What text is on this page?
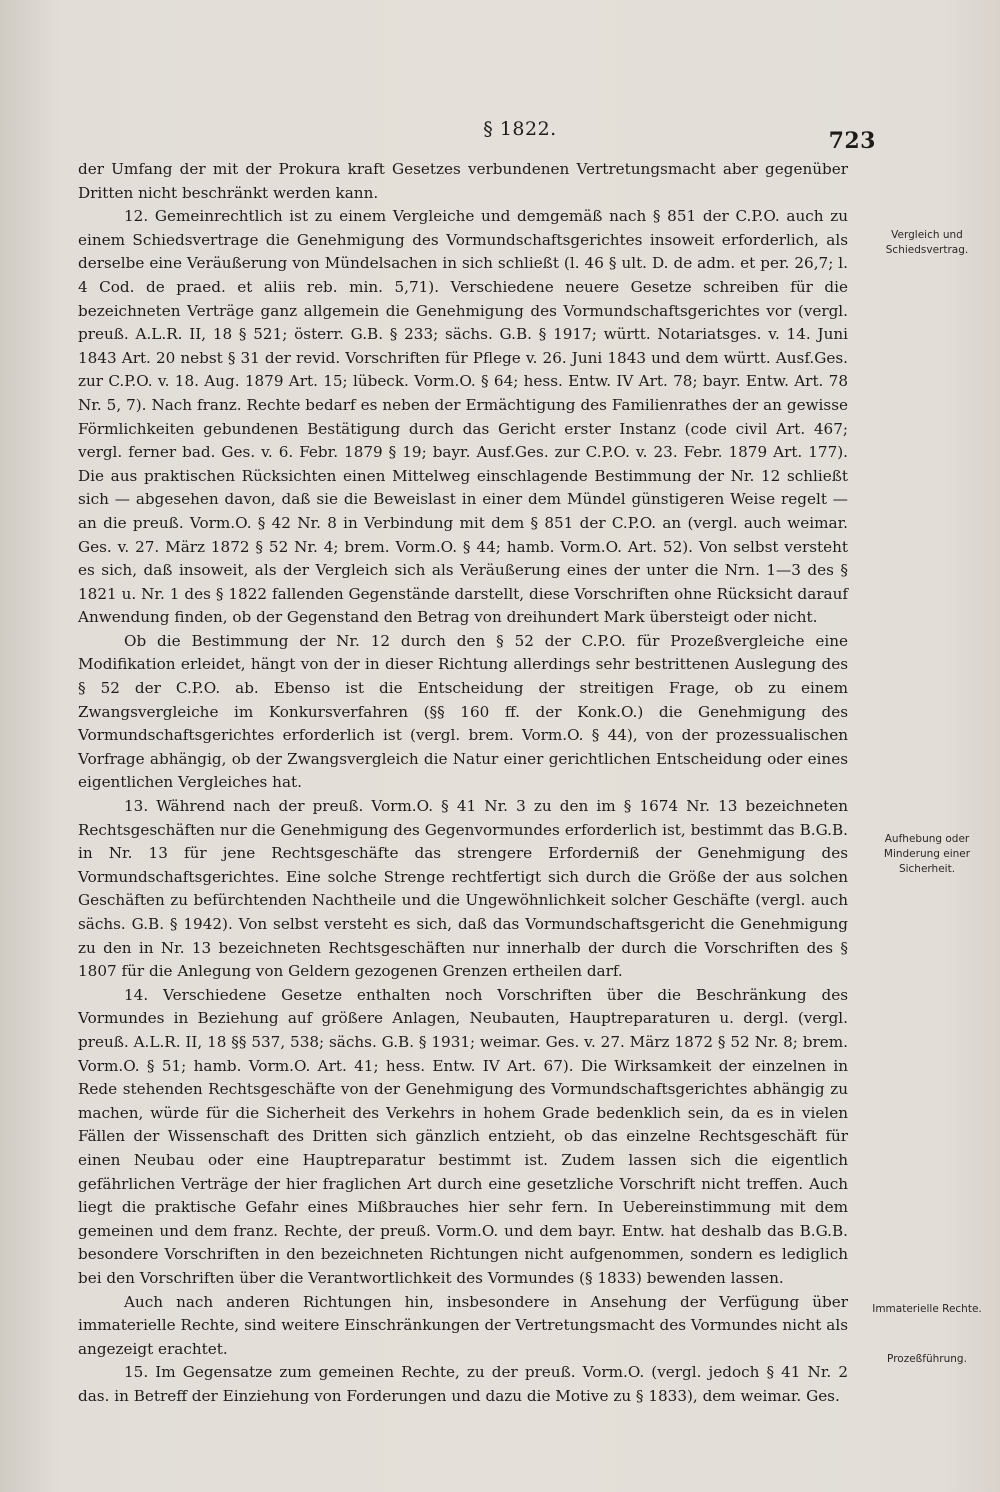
§ 1822.	723

der Umfang der mit der Prokura kraft Gesetzes verbundenen Vertretungsmacht aber gegenüber Dritten nicht beschränkt werden kann.

12. Gemeinrechtlich ist zu einem Vergleiche und demgemäß nach § 851 der C.P.O. auch zu einem Schiedsvertrage die Genehmigung des Vormundschaftsgerichtes insoweit erforderlich, als derselbe eine Veräußerung von Mündelsachen in sich schließt (l. 46 § ult. D. de adm. et per. 26,7; l. 4 Cod. de praed. et aliis reb. min. 5,71). Verschiedene neuere Gesetze schreiben für die bezeichneten Verträge ganz allgemein die Genehmigung des Vormundschaftsgerichtes vor (vergl. preuß. A.L.R. II, 18 § 521; österr. G.B. § 233; sächs. G.B. § 1917; württ. Notariatsges. v. 14. Juni 1843 Art. 20 nebst § 31 der revid. Vorschriften für Pflege v. 26. Juni 1843 und dem württ. Ausf.Ges. zur C.P.O. v. 18. Aug. 1879 Art. 15; lübeck. Vorm.O. § 64; hess. Entw. IV Art. 78; bayr. Entw. Art. 78 Nr. 5, 7). Nach franz. Rechte bedarf es neben der Ermächtigung des Familienrathes der an gewisse Förmlichkeiten gebundenen Bestätigung durch das Gericht erster Instanz (code civil Art. 467; vergl. ferner bad. Ges. v. 6. Febr. 1879 § 19; bayr. Ausf.Ges. zur C.P.O. v. 23. Febr. 1879 Art. 177). Die aus praktischen Rücksichten einen Mittelweg einschlagende Bestimmung der Nr. 12 schließt sich — abgesehen davon, daß sie die Beweislast in einer dem Mündel günstigeren Weise regelt — an die preuß. Vorm.O. § 42 Nr. 8 in Verbindung mit dem § 851 der C.P.O. an (vergl. auch weimar. Ges. v. 27. März 1872 § 52 Nr. 4; brem. Vorm.O. § 44; hamb. Vorm.O. Art. 52). Von selbst versteht es sich, daß insoweit, als der Vergleich sich als Veräußerung eines der unter die Nrn. 1—3 des § 1821 u. Nr. 1 des § 1822 fallenden Gegenstände darstellt, diese Vorschriften ohne Rücksicht darauf Anwendung finden, ob der Gegenstand den Betrag von dreihundert Mark übersteigt oder nicht.

Ob die Bestimmung der Nr. 12 durch den § 52 der C.P.O. für Prozeßvergleiche eine Modifikation erleidet, hängt von der in dieser Richtung allerdings sehr bestrittenen Auslegung des § 52 der C.P.O. ab. Ebenso ist die Entscheidung der streitigen Frage, ob zu einem Zwangsvergleiche im Konkursverfahren (§§ 160 ff. der Konk.O.) die Genehmigung des Vormundschaftsgerichtes erforderlich ist (vergl. brem. Vorm.O. § 44), von der prozessualischen Vorfrage abhängig, ob der Zwangsvergleich die Natur einer gerichtlichen Entscheidung oder eines eigentlichen Vergleiches hat.

13. Während nach der preuß. Vorm.O. § 41 Nr. 3 zu den im § 1674 Nr. 13 bezeichneten Rechtsgeschäften nur die Genehmigung des Gegenvormundes erforderlich ist, bestimmt das B.G.B. in Nr. 13 für jene Rechtsgeschäfte das strengere Erforderniß der Genehmigung des Vormundschaftsgerichtes. Eine solche Strenge rechtfertigt sich durch die Größe der aus solchen Geschäften zu befürchtenden Nachtheile und die Ungewöhnlichkeit solcher Geschäfte (vergl. auch sächs. G.B. § 1942). Von selbst versteht es sich, daß das Vormundschaftsgericht die Genehmigung zu den in Nr. 13 bezeichneten Rechtsgeschäften nur innerhalb der durch die Vorschriften des § 1807 für die Anlegung von Geldern gezogenen Grenzen ertheilen darf.

14. Verschiedene Gesetze enthalten noch Vorschriften über die Beschränkung des Vormundes in Beziehung auf größere Anlagen, Neubauten, Hauptreparaturen u. dergl. (vergl. preuß. A.L.R. II, 18 §§ 537, 538; sächs. G.B. § 1931; weimar. Ges. v. 27. März 1872 § 52 Nr. 8; brem. Vorm.O. § 51; hamb. Vorm.O. Art. 41; hess. Entw. IV Art. 67). Die Wirksamkeit der einzelnen in Rede stehenden Rechtsgeschäfte von der Genehmigung des Vormundschaftsgerichtes abhängig zu machen, würde für die Sicherheit des Verkehrs in hohem Grade bedenklich sein, da es in vielen Fällen der Wissenschaft des Dritten sich gänzlich entzieht, ob das einzelne Rechtsgeschäft für einen Neubau oder eine Hauptreparatur bestimmt ist. Zudem lassen sich die eigentlich gefährlichen Verträge der hier fraglichen Art durch eine gesetzliche Vorschrift nicht treffen. Auch liegt die praktische Gefahr eines Mißbrauches hier sehr fern. In Uebereinstimmung mit dem gemeinen und dem franz. Rechte, der preuß. Vorm.O. und dem bayr. Entw. hat deshalb das B.G.B. besondere Vorschriften in den bezeichneten Richtungen nicht aufgenommen, sondern es lediglich bei den Vorschriften über die Verantwortlichkeit des Vormundes (§ 1833) bewenden lassen.

Auch nach anderen Richtungen hin, insbesondere in Ansehung der Verfügung über immaterielle Rechte, sind weitere Einschränkungen der Vertretungsmacht des Vormundes nicht als angezeigt erachtet.

15. Im Gegensatze zum gemeinen Rechte, zu der preuß. Vorm.O. (vergl. jedoch § 41 Nr. 2 das. in Betreff der Einziehung von Forderungen und dazu die Motive zu § 1833), dem weimar. Ges.

Vergleich und Schiedsvertrag.
Aufhebung oder Minderung einer Sicherheit.
Immaterielle Rechte.
Prozeßführung.
